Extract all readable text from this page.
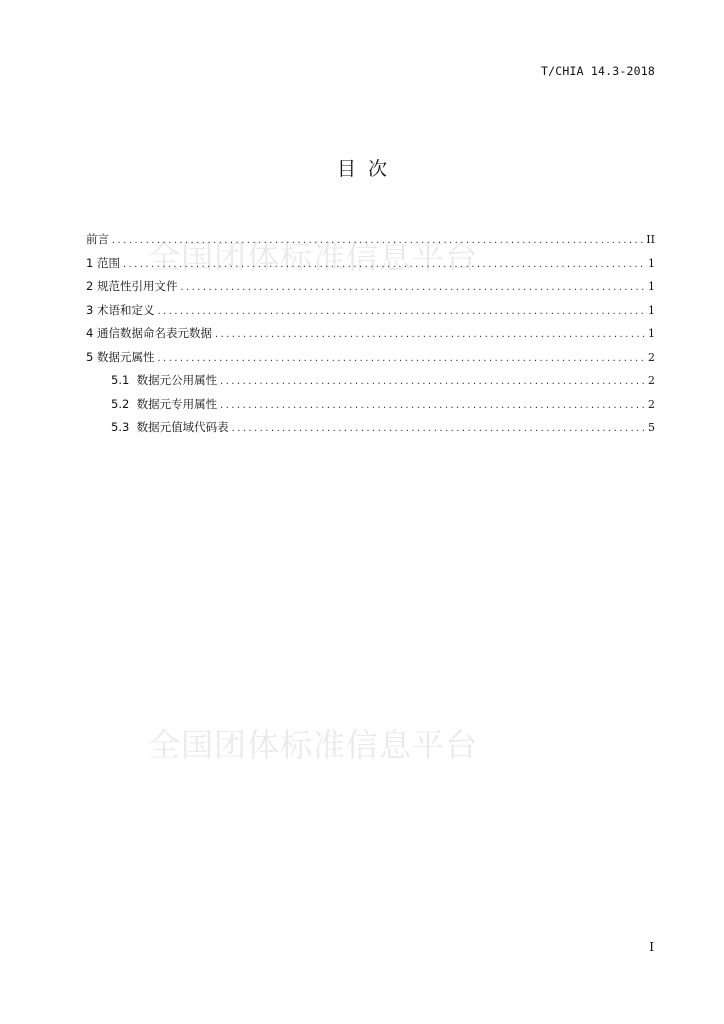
T/CHIA 14.3-2018
目  次
全国团体标准信息平台
全国团体标准信息平台
前言 .....	II
1 范围 .....	1
2 规范性引用文件 .....	1
3 术语和定义 .....	1
4 通信数据命名表元数据 .....	1
5 数据元属性 .....	2
5.1  数据元公用属性 .....	2
5.2  数据元专用属性 .....	2
5.3  数据元值域代码表 .....	5
I
